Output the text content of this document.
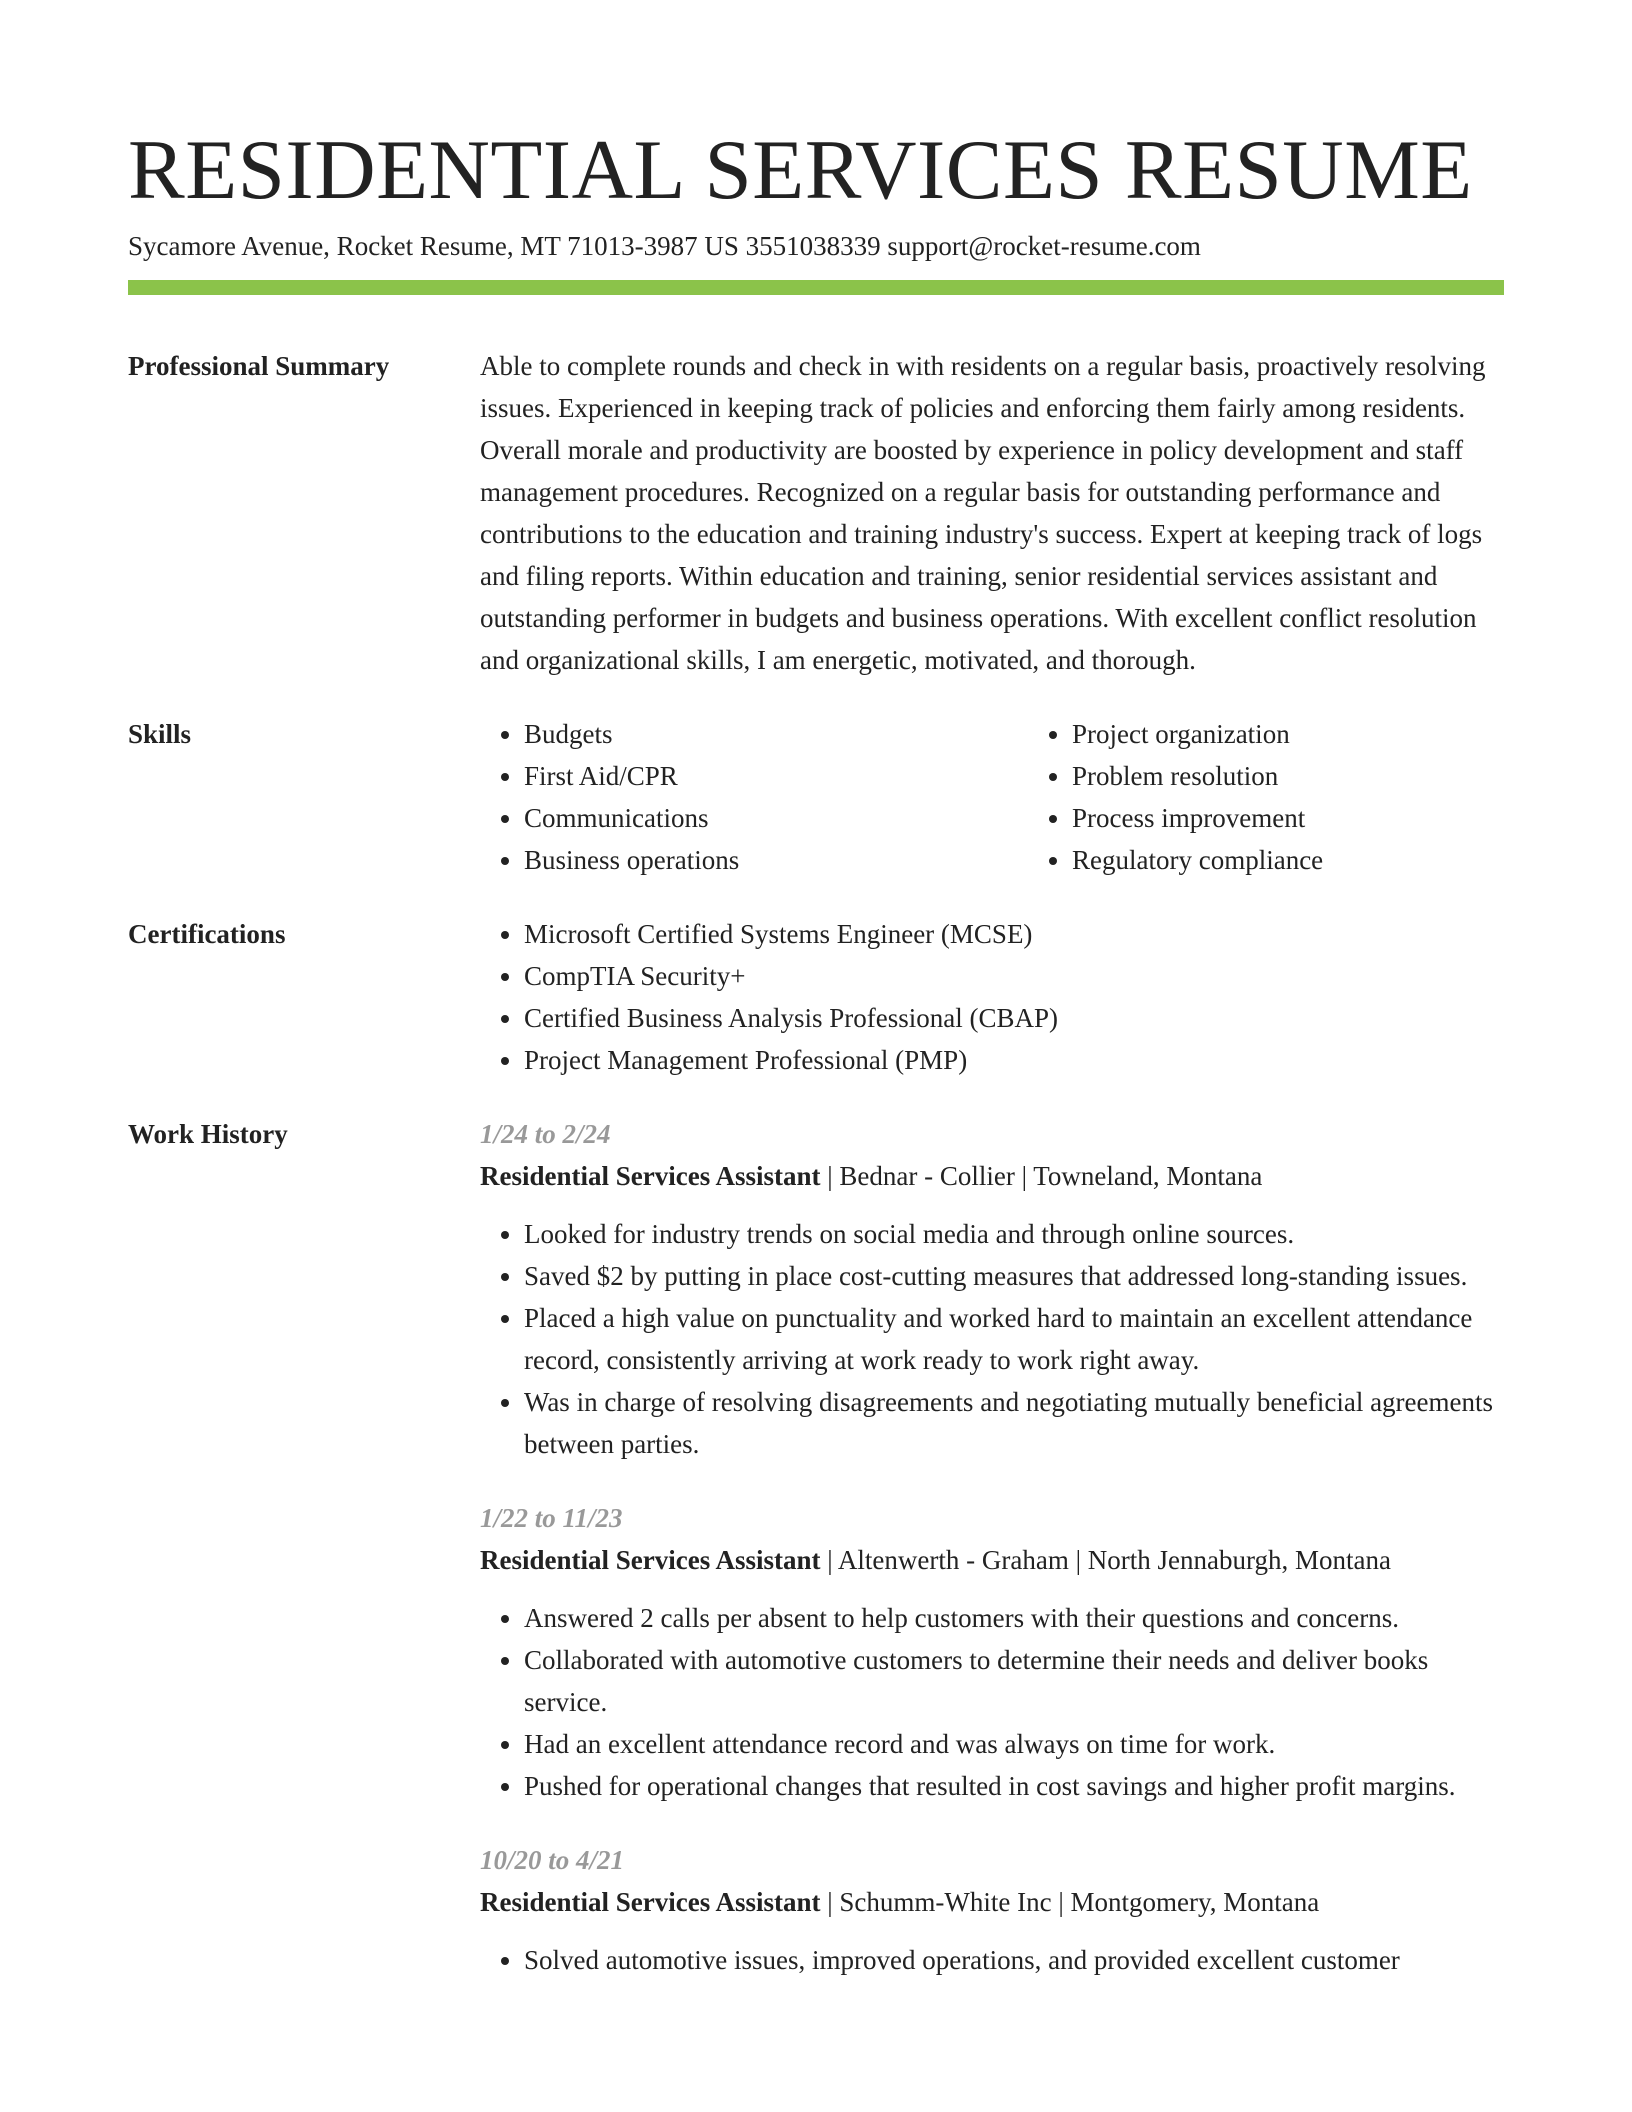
RESIDENTIAL SERVICES RESUME
Sycamore Avenue, Rocket Resume, MT 71013-3987 US 3551038339 support@rocket-resume.com
Professional Summary	Able to complete rounds and check in with residents on a regular basis, proactively resolving issues. Experienced in keeping track of policies and enforcing them fairly among residents. Overall morale and productivity are boosted by experience in policy development and staff management procedures. Recognized on a regular basis for outstanding performance and contributions to the education and training industry's success. Expert at keeping track of logs and filing reports. Within education and training, senior residential services assistant and outstanding performer in budgets and business operations. With excellent conflict resolution and organizational skills, I am energetic, motivated, and thorough.
Skills	• Budgets
• First Aid/CPR
• Communications
• Business operations
• Project organization
• Problem resolution
• Process improvement
• Regulatory compliance
Certifications	• Microsoft Certified Systems Engineer (MCSE)
• CompTIA Security+
• Certified Business Analysis Professional (CBAP)
• Project Management Professional (PMP)
Work History	1/24 to 2/24
Residential Services Assistant | Bednar - Collier | Towneland, Montana
• Looked for industry trends on social media and through online sources.
• Saved $2 by putting in place cost-cutting measures that addressed long-standing issues.
• Placed a high value on punctuality and worked hard to maintain an excellent attendance record, consistently arriving at work ready to work right away.
• Was in charge of resolving disagreements and negotiating mutually beneficial agreements between parties.
1/22 to 11/23
Residential Services Assistant | Altenwerth - Graham | North Jennaburgh, Montana
• Answered 2 calls per absent to help customers with their questions and concerns.
• Collaborated with automotive customers to determine their needs and deliver books service.
• Had an excellent attendance record and was always on time for work.
• Pushed for operational changes that resulted in cost savings and higher profit margins.
10/20 to 4/21
Residential Services Assistant | Schumm-White Inc | Montgomery, Montana
• Solved automotive issues, improved operations, and provided excellent customer
